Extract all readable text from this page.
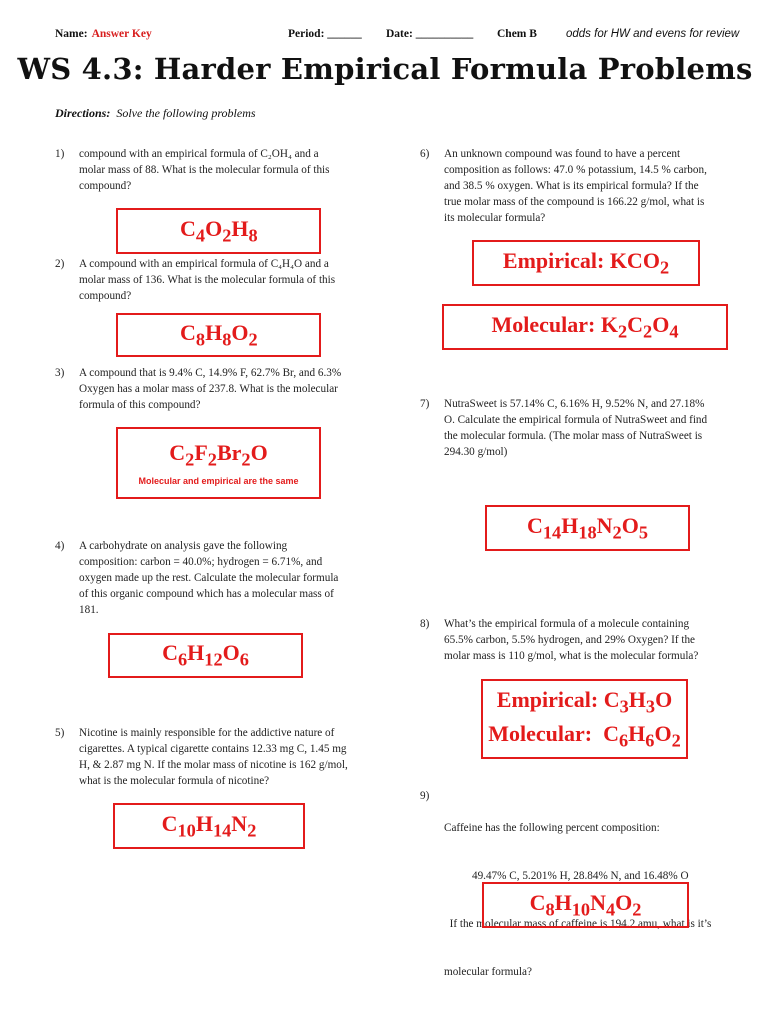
Name: Answer Key	Period: ______ Date: __________ Chem B	odds for HW and evens for review
WS 4.3: Harder Empirical Formula Problems
Directions: Solve the following problems
1) compound with an empirical formula of C₂OH₄ and a
molar mass of 88. What is the molecular formula of this
compound?
$C_4O_2H_8$
2) A compound with an empirical formula of C₄H₄O and a
molar mass of 136. What is the molecular formula of this
compound?
$C_8H_8O_2$
3) A compound that is 9.4% C, 14.9% F, 62.7% Br, and 6.3%
Oxygen has a molar mass of 237.8. What is the molecular
formula of this compound?
$C_2F_2Br_2O$
Molecular and empirical are the same
4) A carbohydrate on analysis gave the following
composition: carbon = 40.0%; hydrogen = 6.71%, and
oxygen made up the rest. Calculate the molecular formula
of this organic compound which has a molecular mass of
181.
$C_6H_{12}O_6$
5) Nicotine is mainly responsible for the addictive nature of
cigarettes. A typical cigarette contains 12.33 mg C, 1.45 mg
H, & 2.87 mg N. If the molar mass of nicotine is 162 g/mol,
what is the molecular formula of nicotine?
$C_{10}H_{14}N_2$
6) An unknown compound was found to have a percent
composition as follows: 47.0 % potassium, 14.5 % carbon,
and 38.5 % oxygen. What is its empirical formula? If the
true molar mass of the compound is 166.22 g/mol, what is
its molecular formula?
Empirical: $KCO_2$
Molecular: $K_2C_2O_4$
7) NutraSweet is 57.14% C, 6.16% H, 9.52% N, and 27.18%
O. Calculate the empirical formula of NutraSweet and find
the molecular formula. (The molar mass of NutraSweet is
294.30 g/mol)
$C_{14}H_{18}N_2O_5$
8) What’s the empirical formula of a molecule containing
65.5% carbon, 5.5% hydrogen, and 29% Oxygen? If the
molar mass is 110 g/mol, what is the molecular formula?
Empirical: $C_3H_3O$
Molecular:  $C_6H_6O_2$
9)

Caffeine has the following percent composition:

49.47% C, 5.201% H, 28.84% N, and 16.48% O

If the molecular mass of caffeine is 194.2 amu, what is it’s

molecular formula?

$C_8H_{10}N_4O_2$
